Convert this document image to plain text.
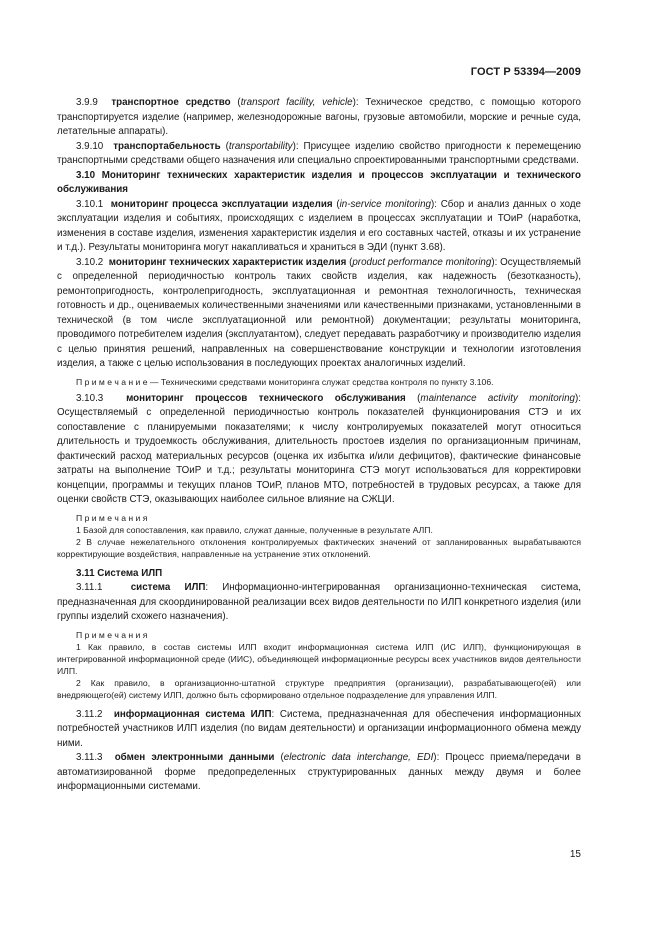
ГОСТ Р 53394—2009

3.9.9 транспортное средство (transport facility, vehicle): Техническое средство, с помощью которого транспортируется изделие (например, железнодорожные вагоны, грузовые автомобили, морские и речные суда, летательные аппараты).

3.9.10 транспортабельность (transportability): Присущее изделию свойство пригодности к перемещению транспортными средствами общего назначения или специально спроектированными транспортными средствами.

3.10 Мониторинг технических характеристик изделия и процессов эксплуатации и технического обслуживания

3.10.1 мониторинг процесса эксплуатации изделия (in-service monitoring): Сбор и анализ данных о ходе эксплуатации изделия и событиях, происходящих с изделием в процессах эксплуатации и ТОиР (наработка, изменения в составе изделия, изменения характеристик изделия и его составных частей, отказы и их устранение и т.д.). Результаты мониторинга могут накапливаться и храниться в ЭДИ (пункт 3.68).

3.10.2 мониторинг технических характеристик изделия (product performance monitoring): Осуществляемый с определенной периодичностью контроль таких свойств изделия, как надежность (безотказность), ремонтопригодность, контролепригодность, эксплуатационная и ремонтная технологичность, техническая готовность и др., оцениваемых количественными значениями или качественными признаками, установленными в технической (в том числе эксплуатационной или ремонтной) документации; результаты мониторинга, проводимого потребителем изделия (эксплуатантом), следует передавать разработчику и производителю изделия с целью принятия решений, направленных на совершенствование конструкции и технологии изготовления изделия, а также с целью использования в последующих проектах аналогичных изделий.

П р и м е ч а н и е — Техническими средствами мониторинга служат средства контроля по пункту 3.106.

3.10.3 мониторинг процессов технического обслуживания (maintenance activity monitoring): Осуществляемый с определенной периодичностью контроль показателей функционирования СТЭ и их сопоставление с планируемыми показателями; к числу контролируемых показателей могут относиться длительность и трудоемкость обслуживания, длительность простоев изделия по организационным причинам, фактический расход материальных ресурсов (оценка их избытка и/или дефицитов), фактические финансовые затраты на выполнение ТОиР и т.д.; результаты мониторинга СТЭ могут использоваться для корректировки концепции, программы и текущих планов ТОиР, планов МТО, потребностей в трудовых ресурсах, а также для оценки свойств СТЭ, оказывающих наиболее сильное влияние на СЖЦИ.

П р и м е ч а н и я

1 Базой для сопоставления, как правило, служат данные, полученные в результате АЛП.

2 В случае нежелательного отклонения контролируемых фактических значений от запланированных вырабатываются корректирующие воздействия, направленные на устранение этих отклонений.

3.11 Система ИЛП

3.11.1	система ИЛП: Информационно-интегрированная организационно-техническая система, предназначенная для скоординированной реализации всех видов деятельности по ИЛП конкретного изделия (или группы изделий схожего назначения).

П р и м е ч а н и я

1 Как правило, в состав системы ИЛП входит информационная система ИЛП (ИС ИЛП), функционирующая в интегрированной информационной среде (ИИС), объединяющей информационные ресурсы всех участников видов деятельности ИЛП.

2 Как правило, в организационно-штатной структуре предприятия (организации), разрабатывающего(ей) или внедряющего(ей) систему ИЛП, должно быть сформировано отдельное подразделение для управления ИЛП.

3.11.2 информационная система ИЛП: Система, предназначенная для обеспечения информационных потребностей участников ИЛП изделия (по видам деятельности) и организации информационного обмена между ними.

3.11.3 обмен электронными данными (electronic data interchange, EDI): Процесс приема/передачи в автоматизированной форме предопределенных структурированных данных между двумя и более информационными системами.

15
